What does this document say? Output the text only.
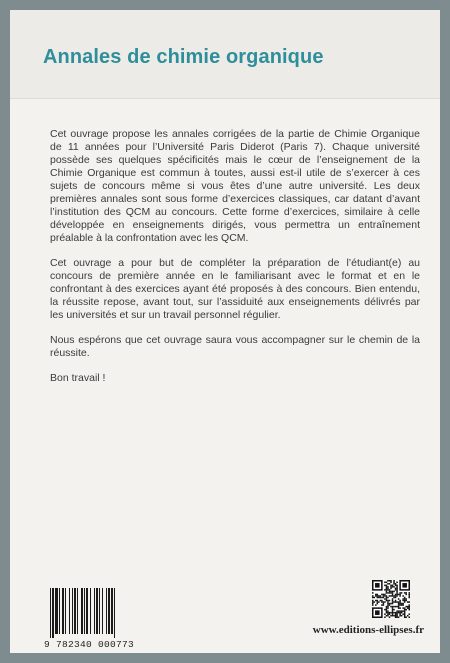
Annales de chimie organique

Cet ouvrage propose les annales corrigées de la partie de Chimie Organique de 11 années pour l’Université Paris Diderot (Paris 7). Chaque université possède ses quelques spécificités mais le cœur de l’enseignement de la Chimie Organique est commun à toutes, aussi est-il utile de s’exercer à ces sujets de concours même si vous êtes d’une autre université. Les deux premières annales sont sous forme d’exercices classiques, car datant d’avant l’institution des QCM au concours. Cette forme d’exercices, similaire à celle développée en enseignements dirigés, vous permettra un entraînement préalable à la confrontation avec les QCM.

Cet ouvrage a pour but de compléter la préparation de l’étudiant(e) au concours de première année en le familiarisant avec le format et en le confrontant à des exercices ayant été proposés à des concours. Bien entendu, la réussite repose, avant tout, sur l’assiduité aux enseignements délivrés par les universités et sur un travail personnel régulier.

Nous espérons que cet ouvrage saura vous accompagner sur le chemin de la réussite.

Bon travail !

9 782340 000773
www.editions-ellipses.fr
